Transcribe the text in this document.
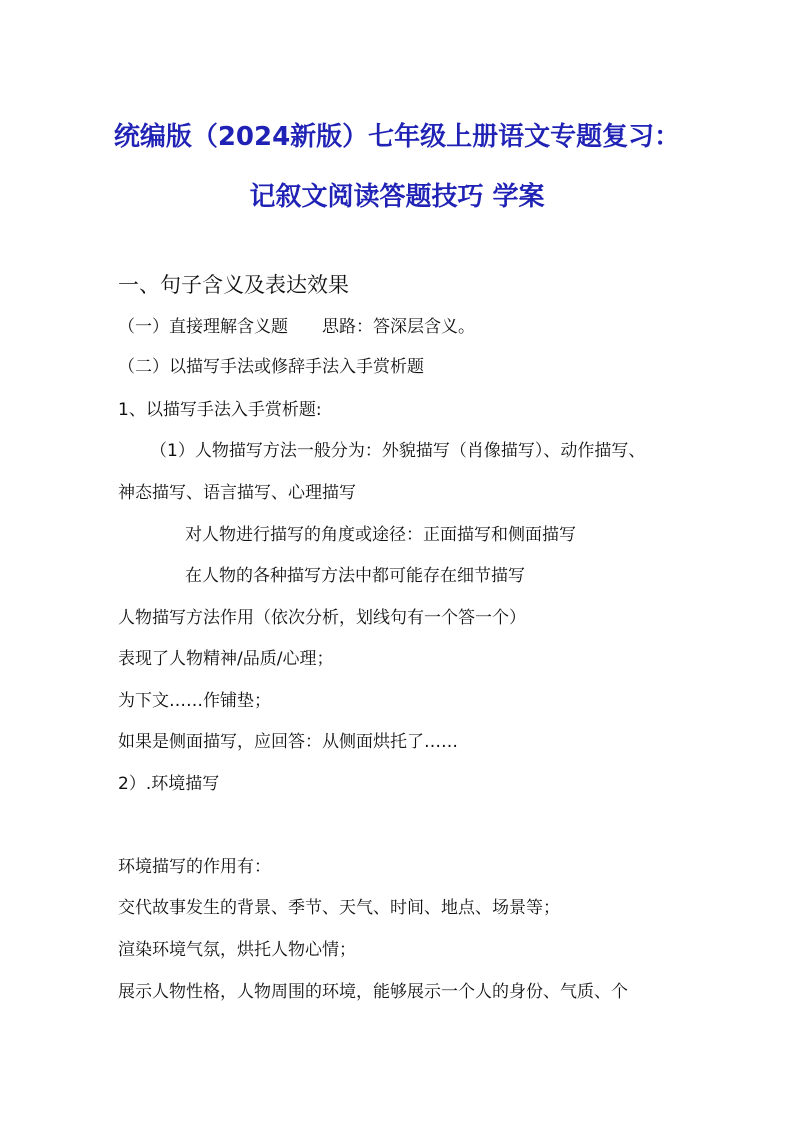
统编版（2024新版）七年级上册语文专题复习：
记叙文阅读答题技巧 学案
一、句子含义及表达效果
（一）直接理解含义题　　思路：答深层含义。
（二）以描写手法或修辞手法入手赏析题
1、以描写手法入手赏析题:
（1）人物描写方法一般分为：外貌描写（肖像描写）、动作描写、
神态描写、语言描写、心理描写
对人物进行描写的角度或途径：正面描写和侧面描写
在人物的各种描写方法中都可能存在细节描写
人物描写方法作用（依次分析，划线句有一个答一个）
表现了人物精神/品质/心理；
为下文……作铺垫；
如果是侧面描写，应回答：从侧面烘托了……
2）.环境描写
环境描写的作用有：
交代故事发生的背景、季节、天气、时间、地点、场景等；
渲染环境气氛，烘托人物心情；
展示人物性格，人物周围的环境，能够展示一个人的身份、气质、个
